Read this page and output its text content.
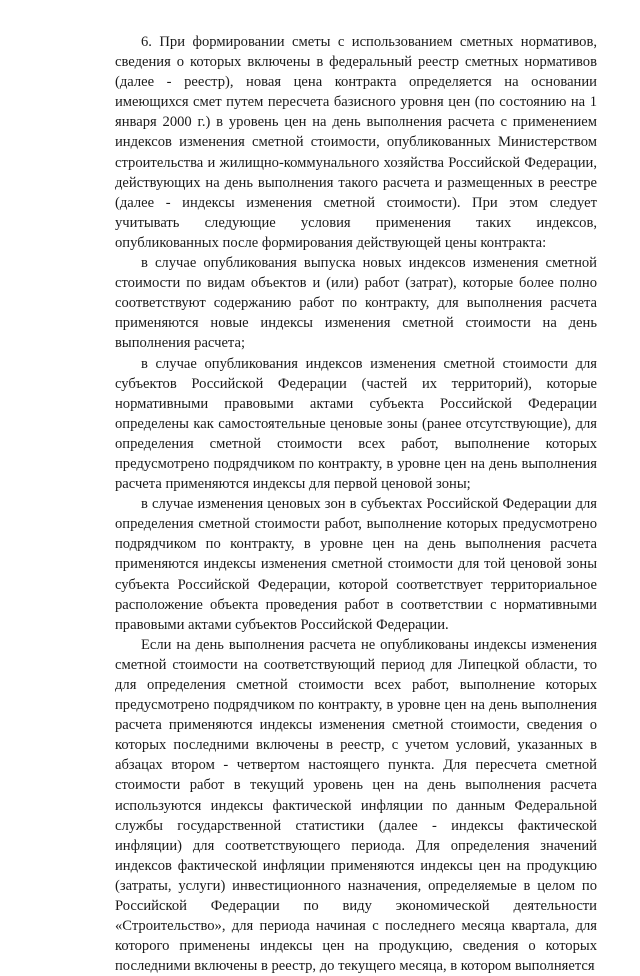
6. При формировании сметы с использованием сметных нормативов, сведения о которых включены в федеральный реестр сметных нормативов (далее - реестр), новая цена контракта определяется на основании имеющихся смет путем пересчета базисного уровня цен (по состоянию на 1 января 2000 г.) в уровень цен на день выполнения расчета с применением индексов изменения сметной стоимости, опубликованных Министерством строительства и жилищно-коммунального хозяйства Российской Федерации, действующих на день выполнения такого расчета и размещенных в реестре (далее - индексы изменения сметной стоимости). При этом следует учитывать следующие условия применения таких индексов, опубликованных после формирования действующей цены контракта:

в случае опубликования выпуска новых индексов изменения сметной стоимости по видам объектов и (или) работ (затрат), которые более полно соответствуют содержанию работ по контракту, для выполнения расчета применяются новые индексы изменения сметной стоимости на день выполнения расчета;

в случае опубликования индексов изменения сметной стоимости для субъектов Российской Федерации (частей их территорий), которые нормативными правовыми актами субъекта Российской Федерации определены как самостоятельные ценовые зоны (ранее отсутствующие), для определения сметной стоимости всех работ, выполнение которых предусмотрено подрядчиком по контракту, в уровне цен на день выполнения расчета применяются индексы для первой ценовой зоны;

в случае изменения ценовых зон в субъектах Российской Федерации для определения сметной стоимости работ, выполнение которых предусмотрено подрядчиком по контракту, в уровне цен на день выполнения расчета применяются индексы изменения сметной стоимости для той ценовой зоны субъекта Российской Федерации, которой соответствует территориальное расположение объекта проведения работ в соответствии с нормативными правовыми актами субъектов Российской Федерации.

Если на день выполнения расчета не опубликованы индексы изменения сметной стоимости на соответствующий период для Липецкой области, то для определения сметной стоимости всех работ, выполнение которых предусмотрено подрядчиком по контракту, в уровне цен на день выполнения расчета применяются индексы изменения сметной стоимости, сведения о которых последними включены в реестр, с учетом условий, указанных в абзацах втором - четвертом настоящего пункта. Для пересчета сметной стоимости работ в текущий уровень цен на день выполнения расчета используются индексы фактической инфляции по данным Федеральной службы государственной статистики (далее - индексы фактической инфляции) для соответствующего периода. Для определения значений индексов фактической инфляции применяются индексы цен на продукцию (затраты, услуги) инвестиционного назначения, определяемые в целом по Российской Федерации по виду экономической деятельности «Строительство», для периода начиная с последнего месяца квартала, для которого применены индексы цен на продукцию, сведения о которых последними включены в реестр, до текущего месяца, в котором выполняется
